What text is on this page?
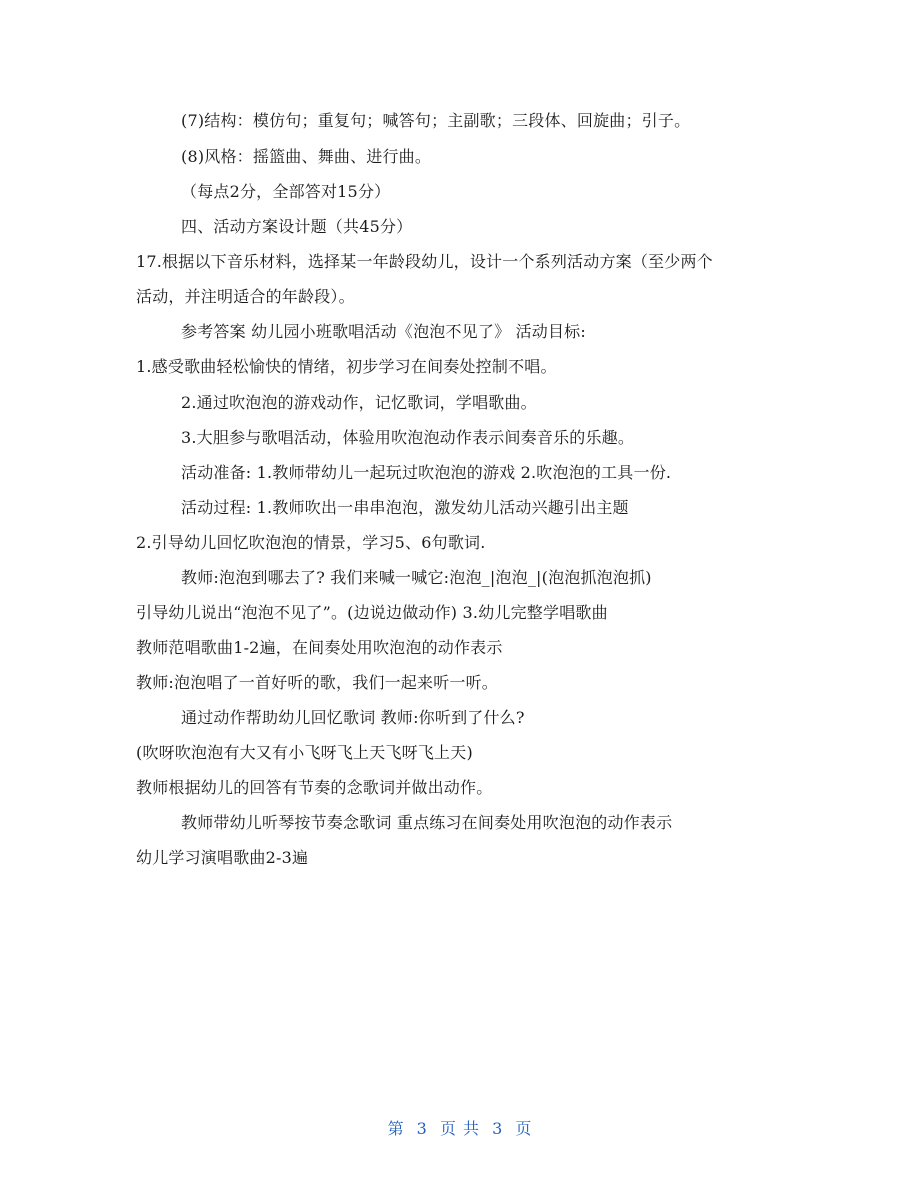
(7)结构：模仿句；重复句；喊答句；主副歌；三段体、回旋曲；引子。
(8)风格：摇篮曲、舞曲、进行曲。
（每点2分，全部答对15分）
四、活动方案设计题（共45分）
17.根据以下音乐材料，选择某一年龄段幼儿，设计一个系列活动方案（至少两个
活动，并注明适合的年龄段）。
参考答案 幼儿园小班歌唱活动《泡泡不见了》 活动目标:
1.感受歌曲轻松愉快的情绪，初步学习在间奏处控制不唱。
2.通过吹泡泡的游戏动作，记忆歌词，学唱歌曲。
3.大胆参与歌唱活动，体验用吹泡泡动作表示间奏音乐的乐趣。
活动准备: 1.教师带幼儿一起玩过吹泡泡的游戏 2.吹泡泡的工具一份.
活动过程: 1.教师吹出一串串泡泡，激发幼儿活动兴趣引出主题
2.引导幼儿回忆吹泡泡的情景，学习5、6句歌词.
教师:泡泡到哪去了? 我们来喊一喊它:泡泡_|泡泡_|(泡泡抓泡泡抓)
引导幼儿说出“泡泡不见了”。(边说边做动作) 3.幼儿完整学唱歌曲
教师范唱歌曲1-2遍，在间奏处用吹泡泡的动作表示
教师:泡泡唱了一首好听的歌，我们一起来听一听。
通过动作帮助幼儿回忆歌词 教师:你听到了什么?
(吹呀吹泡泡有大又有小飞呀飞上天飞呀飞上天)
教师根据幼儿的回答有节奏的念歌词并做出动作。
教师带幼儿听琴按节奏念歌词 重点练习在间奏处用吹泡泡的动作表示
幼儿学习演唱歌曲2-3遍
第 3 页 共 3 页
